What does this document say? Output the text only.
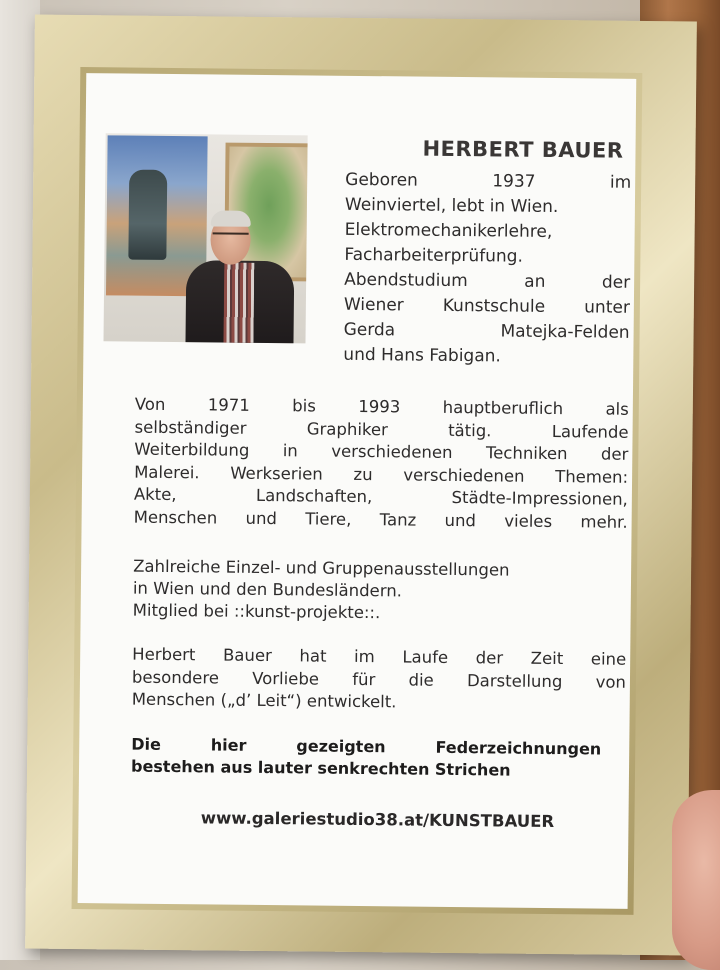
HERBERT BAUER
Geboren 1937 im
Weinviertel, lebt in Wien.
Elektromechanikerlehre,
Facharbeiterprüfung.
Abendstudium an der
Wiener Kunstschule unter
Gerda Matejka-Felden
und Hans Fabigan.
Von 1971 bis 1993 hauptberuflich als
selbständiger Graphiker tätig. Laufende
Weiterbildung in verschiedenen Techniken der
Malerei. Werkserien zu verschiedenen Themen:
Akte, Landschaften, Städte-Impressionen,
Menschen und Tiere, Tanz und vieles mehr.
Zahlreiche Einzel- und Gruppenausstellungen
in Wien und den Bundesländern.
Mitglied bei ::kunst-projekte::.
Herbert Bauer hat im Laufe der Zeit eine
besondere Vorliebe für die Darstellung von
Menschen („d’ Leit“) entwickelt.
Die hier gezeigten Federzeichnungen
bestehen aus lauter senkrechten Strichen
www.galeriestudio38.at/KUNSTBAUER
